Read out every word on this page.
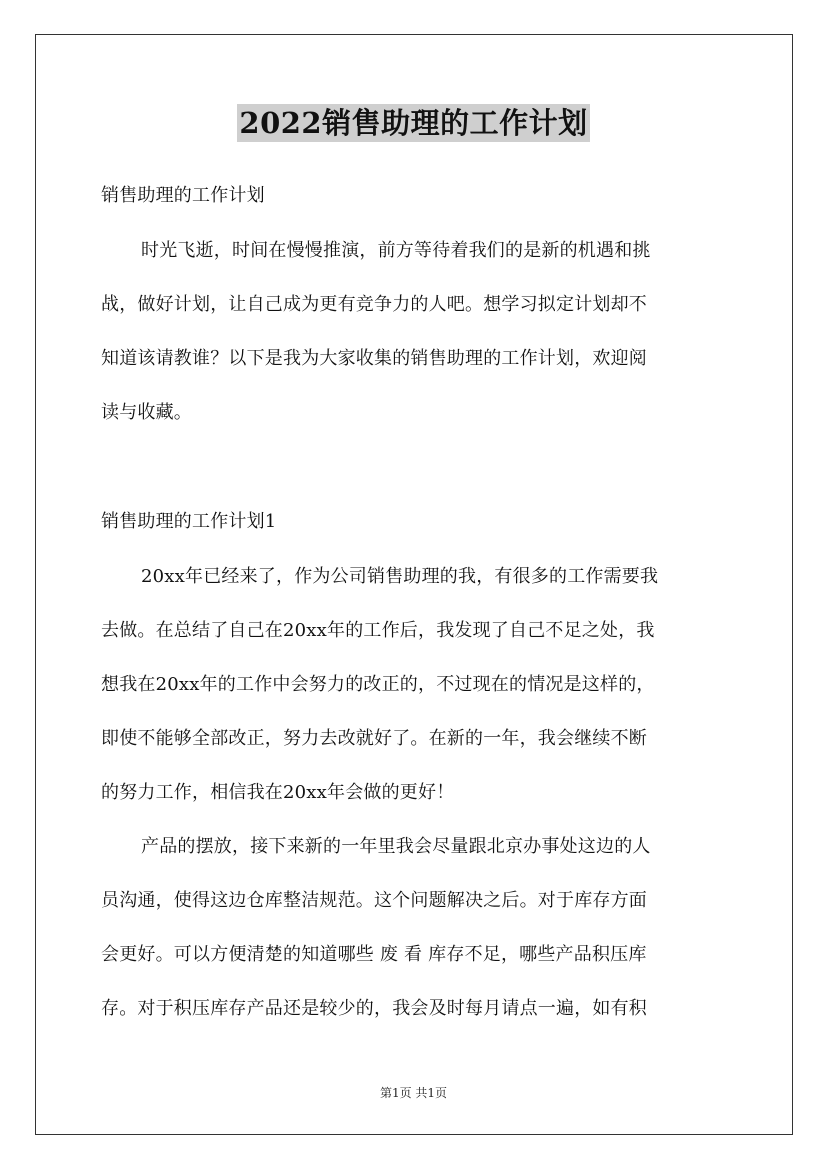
2022销售助理的工作计划
销售助理的工作计划
时光飞逝，时间在慢慢推演，前方等待着我们的是新的机遇和挑
战，做好计划，让自己成为更有竞争力的人吧。想学习拟定计划却不
知道该请教谁？以下是我为大家收集的销售助理的工作计划，欢迎阅
读与收藏。
销售助理的工作计划1
20xx年已经来了，作为公司销售助理的我，有很多的工作需要我
去做。在总结了自己在20xx年的工作后，我发现了自己不足之处，我
想我在20xx年的工作中会努力的改正的，不过现在的情况是这样的，
即使不能够全部改正，努力去改就好了。在新的一年，我会继续不断
的努力工作，相信我在20xx年会做的更好！
产品的摆放，接下来新的一年里我会尽量跟北京办事处这边的人
员沟通，使得这边仓库整洁规范。这个问题解决之后。对于库存方面
会更好。可以方便清楚的知道哪些 废 看 库存不足，哪些产品积压库
存。对于积压库存产品还是较少的，我会及时每月请点一遍，如有积
第1页 共1页
